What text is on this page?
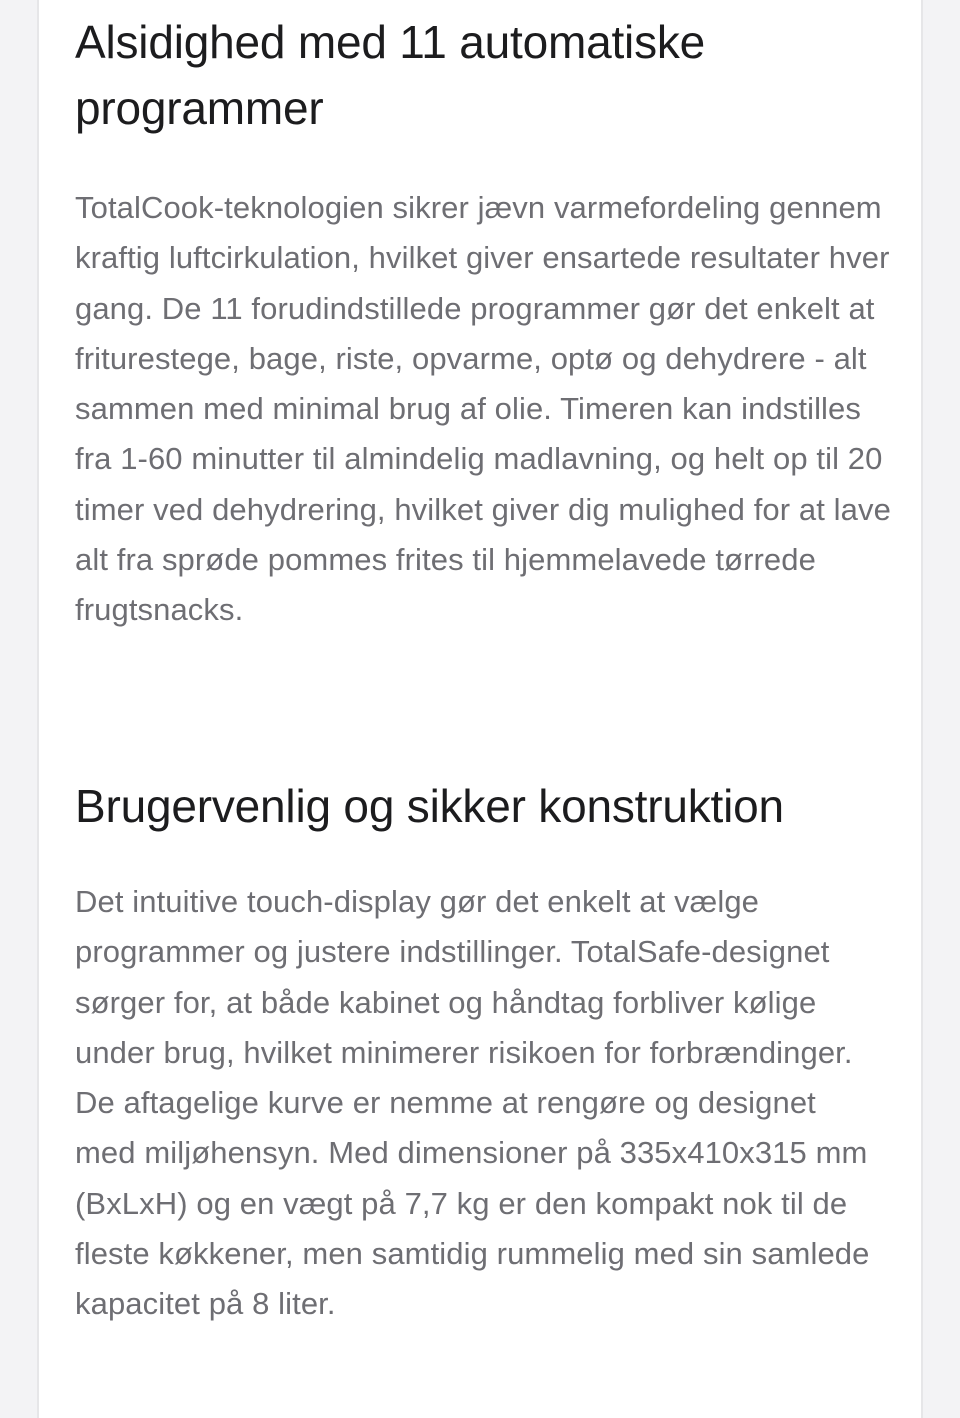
Alsidighed med 11 automatiske programmer

TotalCook-teknologien sikrer jævn varmefordeling gennem kraftig luftcirkulation, hvilket giver ensartede resultater hver gang. De 11 forudindstillede programmer gør det enkelt at friturestege, bage, riste, opvarme, optø og dehydrere - alt sammen med minimal brug af olie. Timeren kan indstilles fra 1-60 minutter til almindelig madlavning, og helt op til 20 timer ved dehydrering, hvilket giver dig mulighed for at lave alt fra sprøde pommes frites til hjemmelavede tørrede frugtsnacks.

Brugervenlig og sikker konstruktion

Det intuitive touch-display gør det enkelt at vælge programmer og justere indstillinger. TotalSafe-designet sørger for, at både kabinet og håndtag forbliver kølige under brug, hvilket minimerer risikoen for forbrændinger. De aftagelige kurve er nemme at rengøre og designet med miljøhensyn. Med dimensioner på 335x410x315 mm (BxLxH) og en vægt på 7,7 kg er den kompakt nok til de fleste køkkener, men samtidig rummelig med sin samlede kapacitet på 8 liter.
